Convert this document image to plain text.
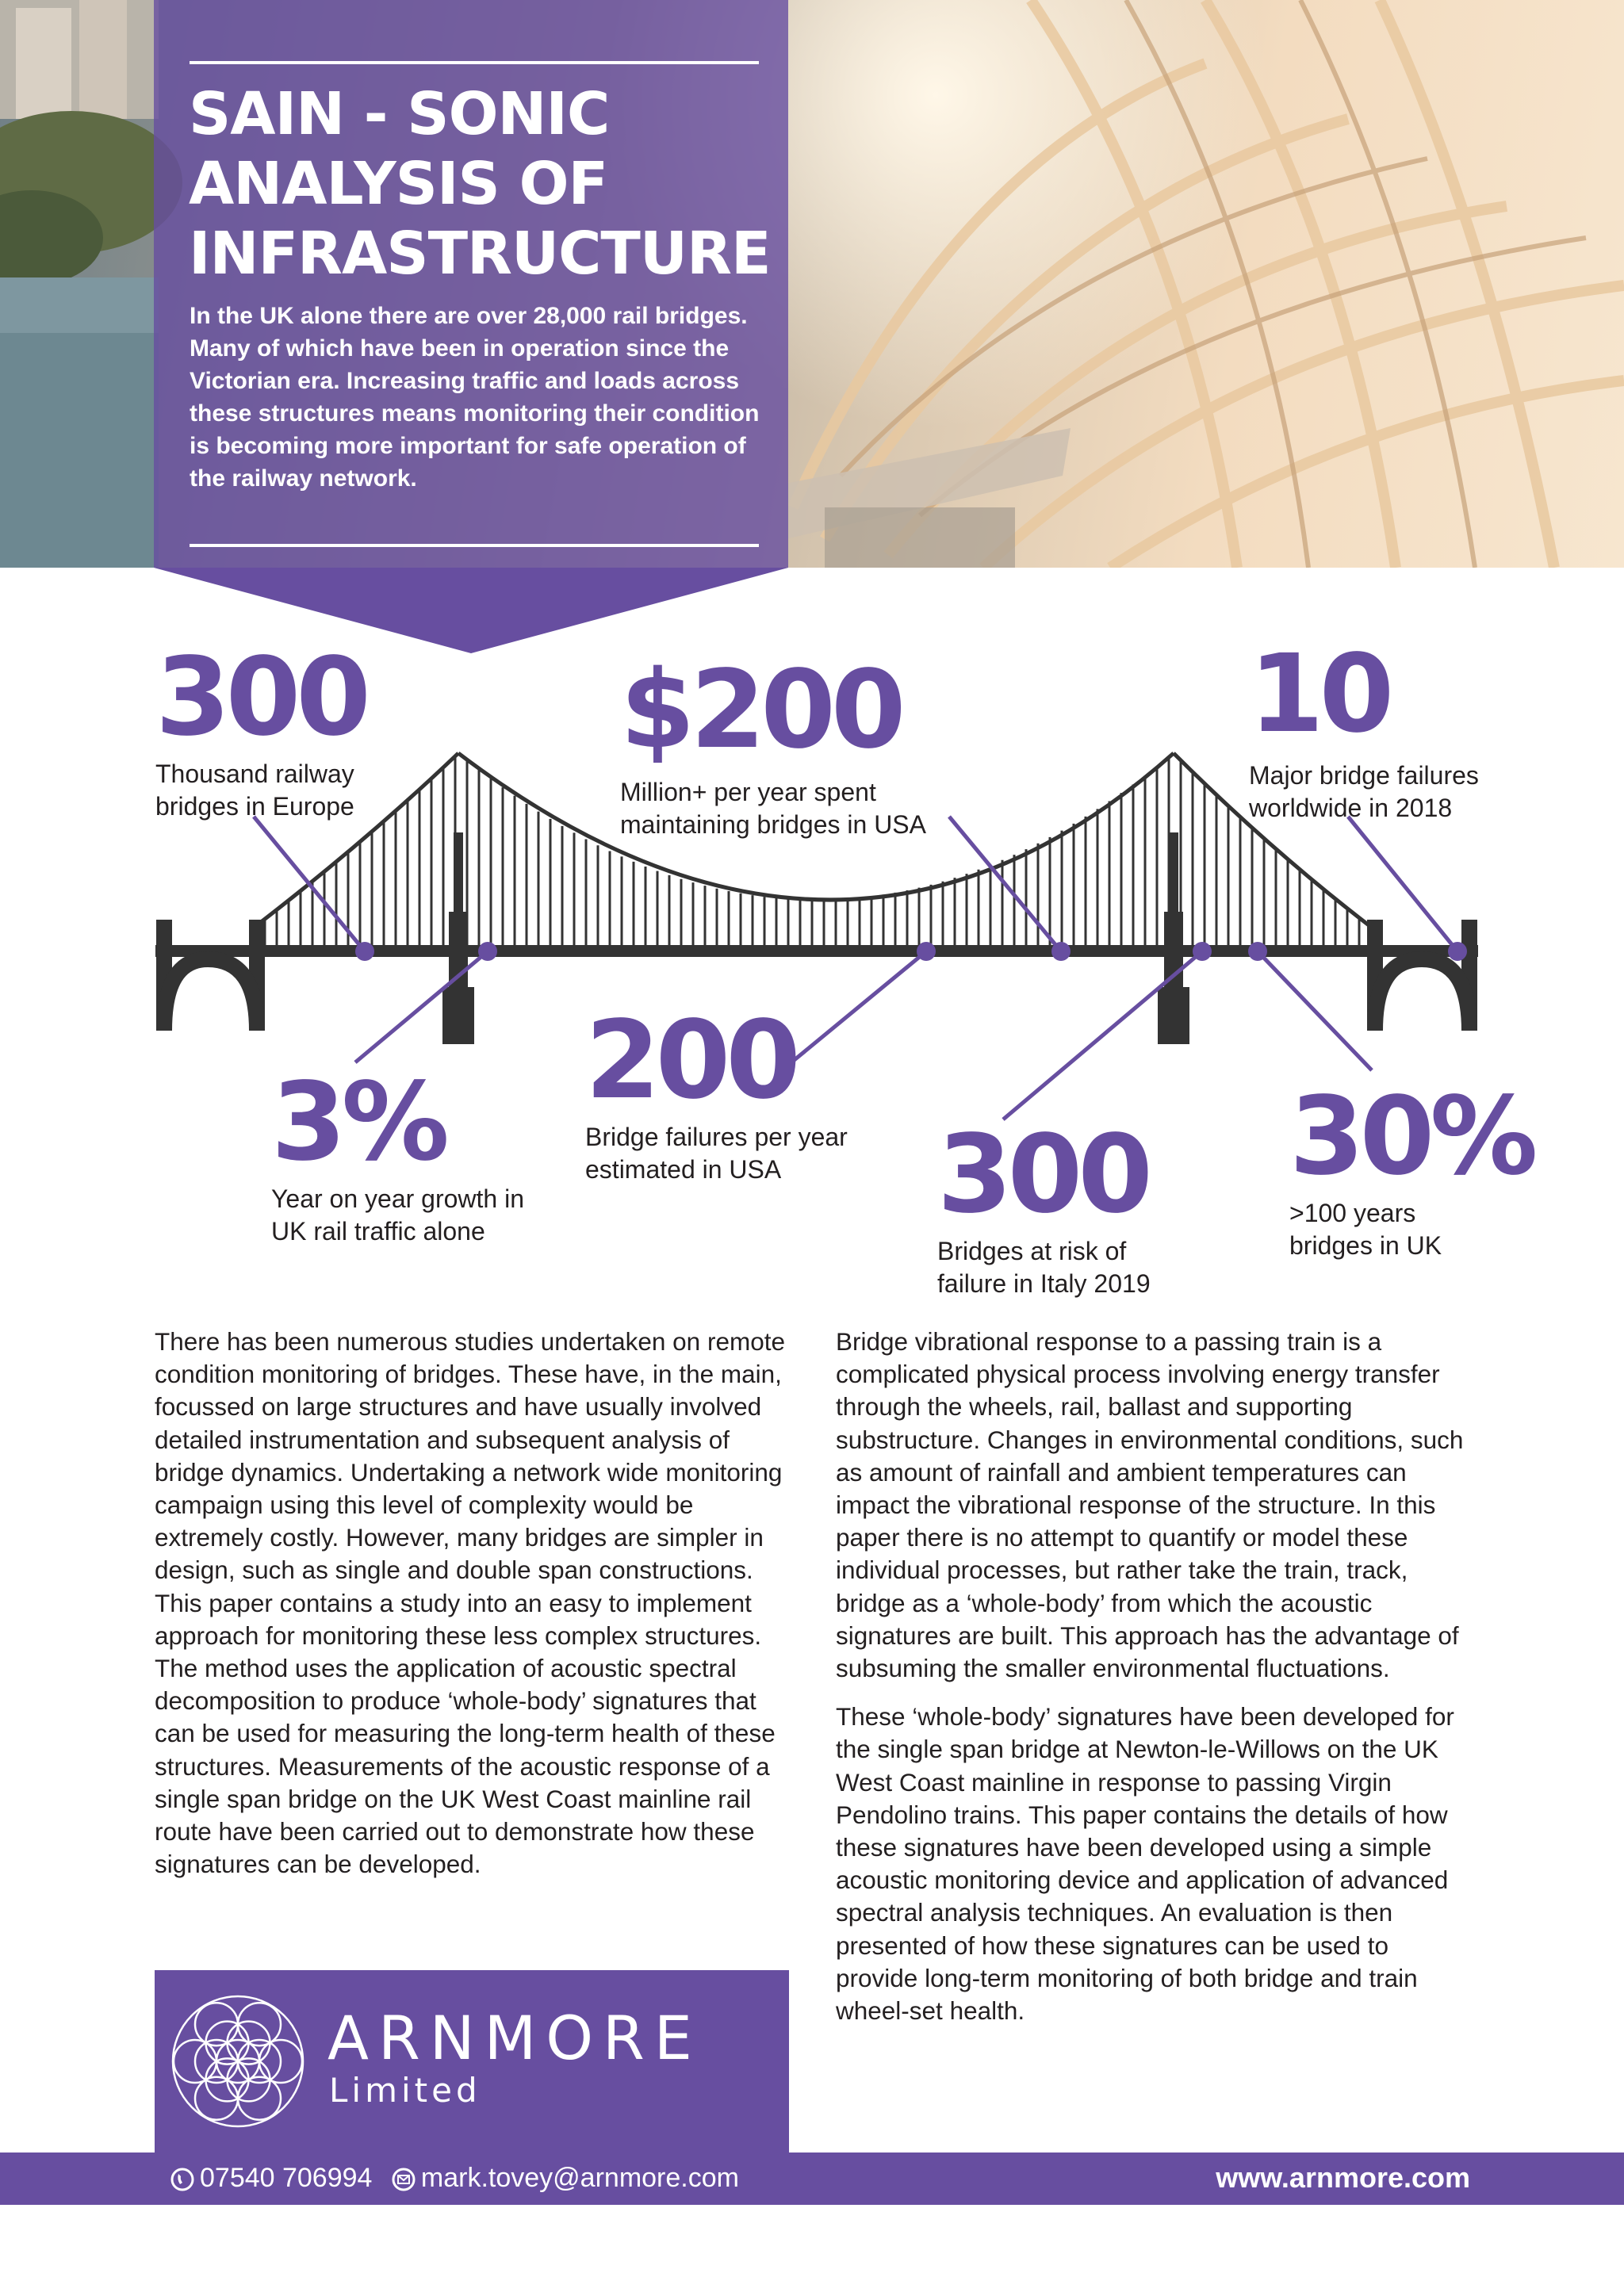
SAIN - SONIC
ANALYSIS OF
INFRASTRUCTURE

In the UK alone there are over 28,000 rail bridges. Many of which have been in operation since the Victorian era. Increasing traffic and loads across these structures means monitoring their condition is becoming more important for safe operation of the railway network.

300
Thousand railway
bridges in Europe
$200
Million+ per year spent
maintaining bridges in USA
10
Major bridge failures
worldwide in 2018
3%
Year on year growth in
UK rail traffic alone
200
Bridge failures per year
estimated in USA	300
Bridges at risk of
failure in Italy 2019
30%
>100 years
bridges in UK

There has been numerous studies undertaken on remote condition monitoring of bridges. These have, in the main, focussed on large structures and have usually involved detailed instrumentation and subsequent analysis of bridge dynamics. Undertaking a network wide monitoring campaign using this level of complexity would be extremely costly. However, many bridges are simpler in design, such as single and double span constructions. This paper contains a study into an easy to implement approach for monitoring these less complex structures. The method uses the application of acoustic spectral decomposition to produce ‘whole-body’ signatures that can be used for measuring the long-term health of these structures. Measurements of the acoustic response of a single span bridge on the UK West Coast mainline rail route have been carried out to demonstrate how these signatures can be developed.

Bridge vibrational response to a passing train is a complicated physical process involving energy transfer through the wheels, rail, ballast and supporting substructure. Changes in environmental conditions, such as amount of rainfall and ambient temperatures can impact the vibrational response of the structure. In this paper there is no attempt to quantify or model these individual processes, but rather take the train, track, bridge as a ‘whole-body’ from which the acoustic signatures are built. This approach has the advantage of subsuming the smaller environmental fluctuations.

These ‘whole-body’ signatures have been developed for the single span bridge at Newton-le-Willows on the UK West Coast mainline in response to passing Virgin Pendolino trains. This paper contains the details of how these signatures have been developed using a simple acoustic monitoring device and application of advanced spectral analysis techniques. An evaluation is then presented of how these signatures can be used to provide long-term monitoring of both bridge and train wheel-set health.

ARNMORE
Limited
07540 706994 mark.tovey@arnmore.com	www.arnmore.com
